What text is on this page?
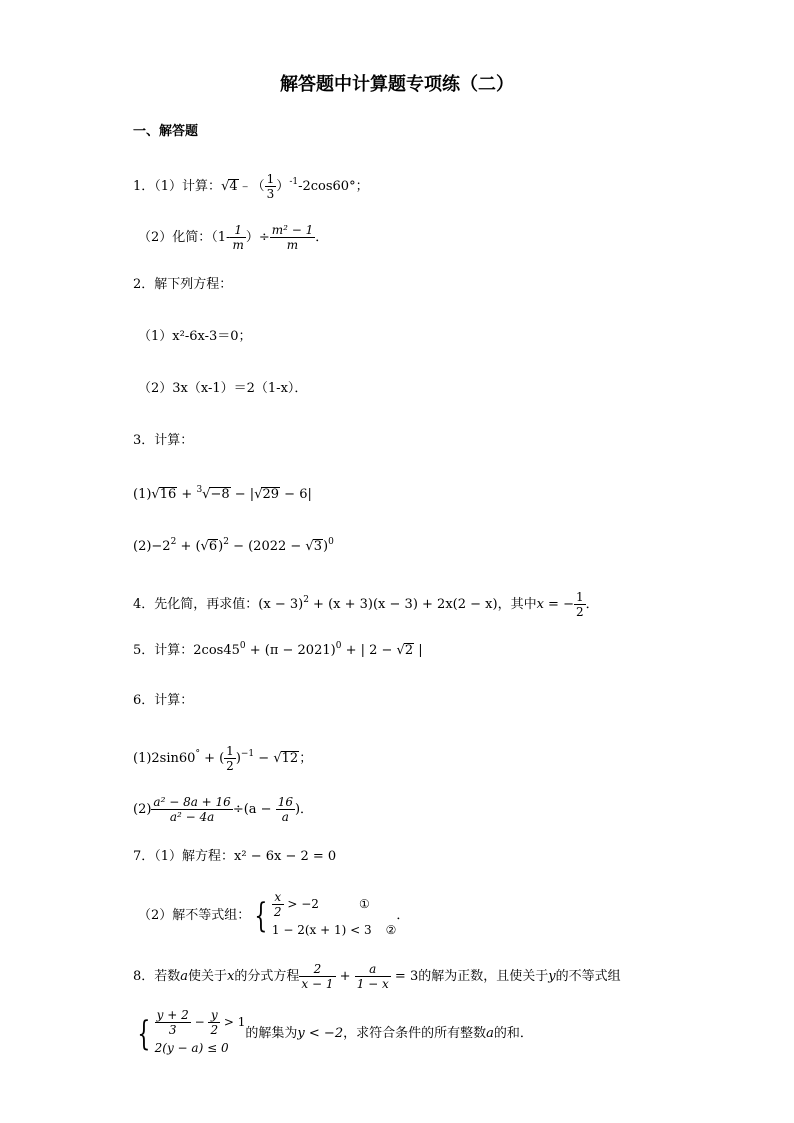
解答题中计算题专项练（二）
一、解答题
1．（1）计算：√4﹣（ $\frac{1}{3} )^{-1}-2\cos 60^\circ$；
（2）化简：（$1- \frac{1}{m}$ ）÷ $\frac{\text{m² − 1}}{m}$ ．
2．解下列方程：
（1）x²-6x-3＝0；
（2）3x（x-1）＝2（1-x）．
3．计算：
(1)√16 + $^3$√−8 − |√29 − 6|
$(2)-2^2 + (√6)^2 - (2022 - √3)^0$
4．先化简，再求值：$(x - 3)^2 + (x + 3)(x - 3) + 2x(2 - x)$，其中x = − $\frac{1}{2}$ ．
5．计算：$2\cos 45^0 + (\pi - 2021)^0$ + | 2 − √2 |
6．计算：
(1)2sin60° + ( $\frac{1}{2} )^{-1} - √12$；
$(2) \frac{\text{a² − 8a + 16}}{\text{a² − 4a}} \div(a - \frac{16}{a}$ )．
7．（1）解方程：x² − 6x − 2 = 0
（2）解不等式组： { $\frac{x}{2} > -2$	①
1 − 2(x + 1) < 3 ②
．
8．若数a使关于x的分式方程 $\frac{2}{x - 1} + \frac{a}{1 - x} = 3$的解为正数，且使关于y的不等式组
{ $\frac{y + 2}{3} - \frac{y}{2} > 1$
2(y − a) ≤ 0
的解集为y < −2，求符合条件的所有整数a的和．
